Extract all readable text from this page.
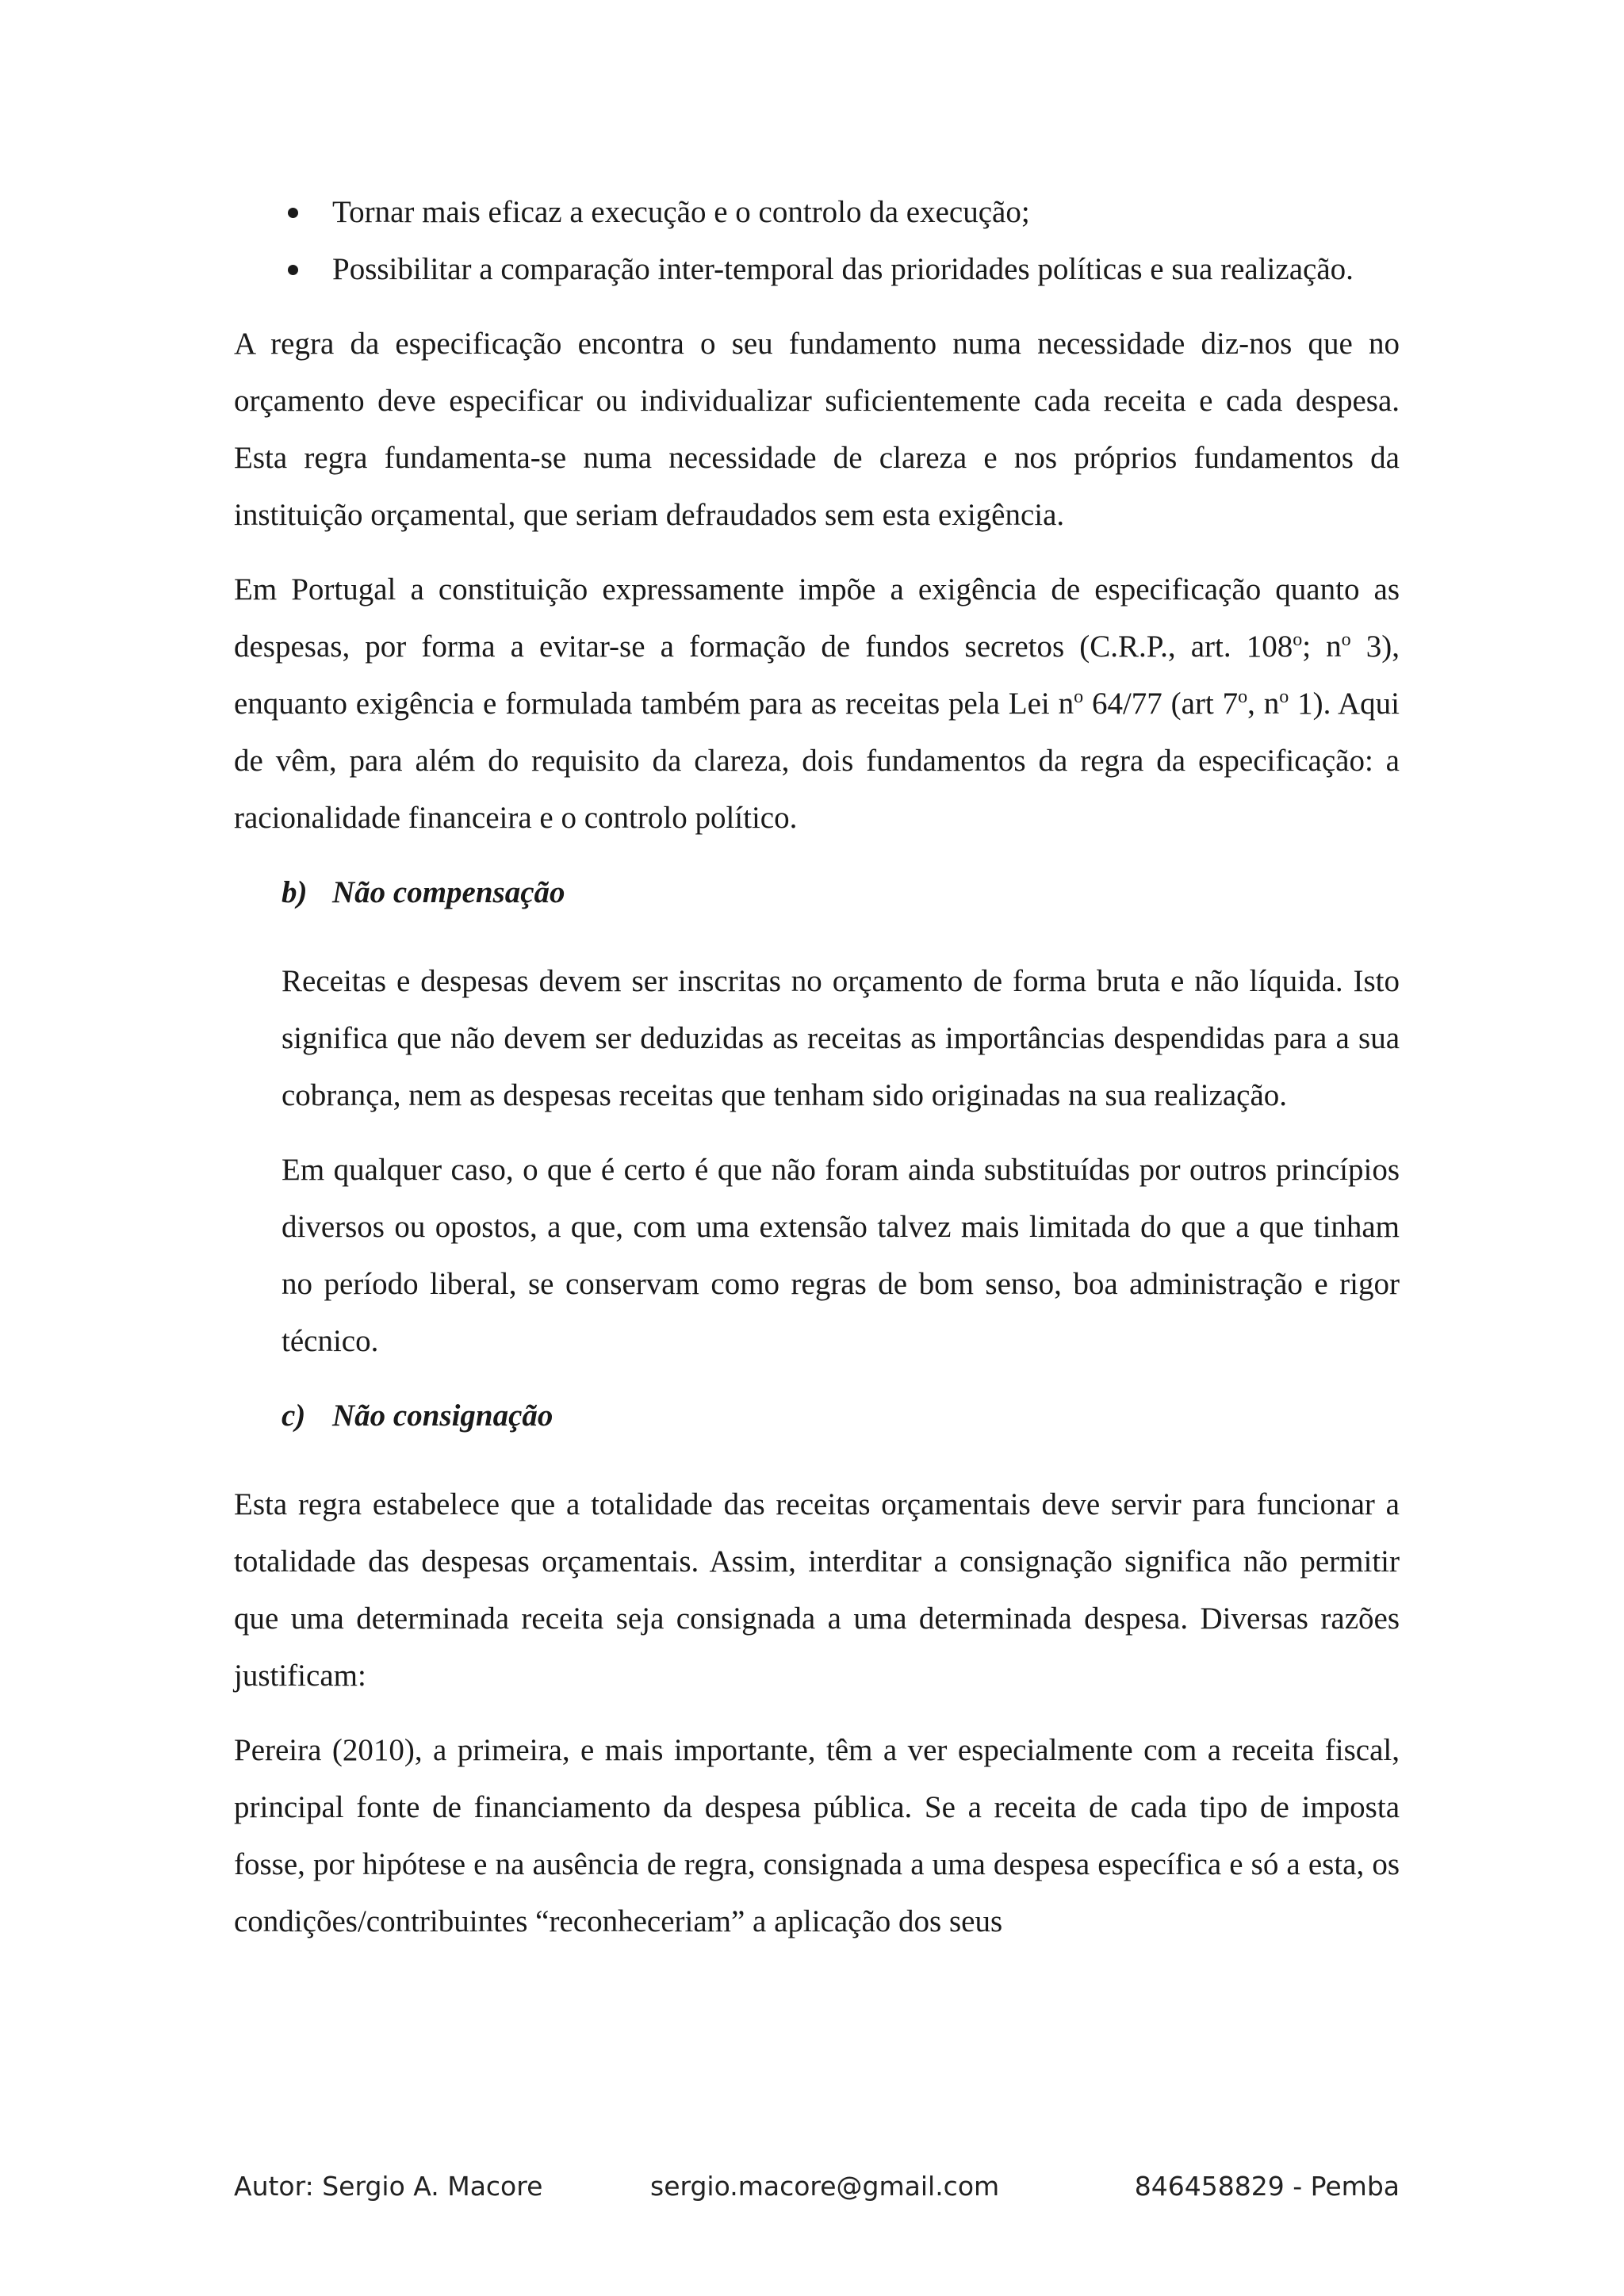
Tornar mais eficaz a execução e o controlo da execução;
Possibilitar a comparação inter-temporal das prioridades políticas e sua realização.

A regra da especificação encontra o seu fundamento numa necessidade diz-nos que no orçamento deve especificar ou individualizar suficientemente cada receita e cada despesa. Esta regra fundamenta-se numa necessidade de clareza e nos próprios fundamentos da instituição orçamental, que seriam defraudados sem esta exigência.

Em Portugal a constituição expressamente impõe a exigência de especificação quanto as despesas, por forma a evitar-se a formação de fundos secretos (C.R.P., art. 108$^o$; $n^o$ 3), enquanto exigência e formulada também para as receitas pela Lei $n^o$ 64/77 (art 7$^o$, $n^o$ 1). Aqui de vêm, para além do requisito da clareza, dois fundamentos da regra da especificação: a racionalidade financeira e o controlo político.

b) Não compensação

Receitas e despesas devem ser inscritas no orçamento de forma bruta e não líquida. Isto significa que não devem ser deduzidas as receitas as importâncias despendidas para a sua cobrança, nem as despesas receitas que tenham sido originadas na sua realização.

Em qualquer caso, o que é certo é que não foram ainda substituídas por outros princípios diversos ou opostos, a que, com uma extensão talvez mais limitada do que a que tinham no período liberal, se conservam como regras de bom senso, boa administração e rigor técnico.

c) Não consignação

Esta regra estabelece que a totalidade das receitas orçamentais deve servir para funcionar a totalidade das despesas orçamentais. Assim, interditar a consignação significa não permitir que uma determinada receita seja consignada a uma determinada despesa. Diversas razões justificam:

Pereira (2010), a primeira, e mais importante, têm a ver especialmente com a receita fiscal, principal fonte de financiamento da despesa pública. Se a receita de cada tipo de imposta fosse, por hipótese e na ausência de regra, consignada a uma despesa específica e só a esta, os condições/contribuintes “reconheceriam” a aplicação dos seus

Autor: Sergio A. Macore	sergio.macore@gmail.com	846458829 - Pemba
